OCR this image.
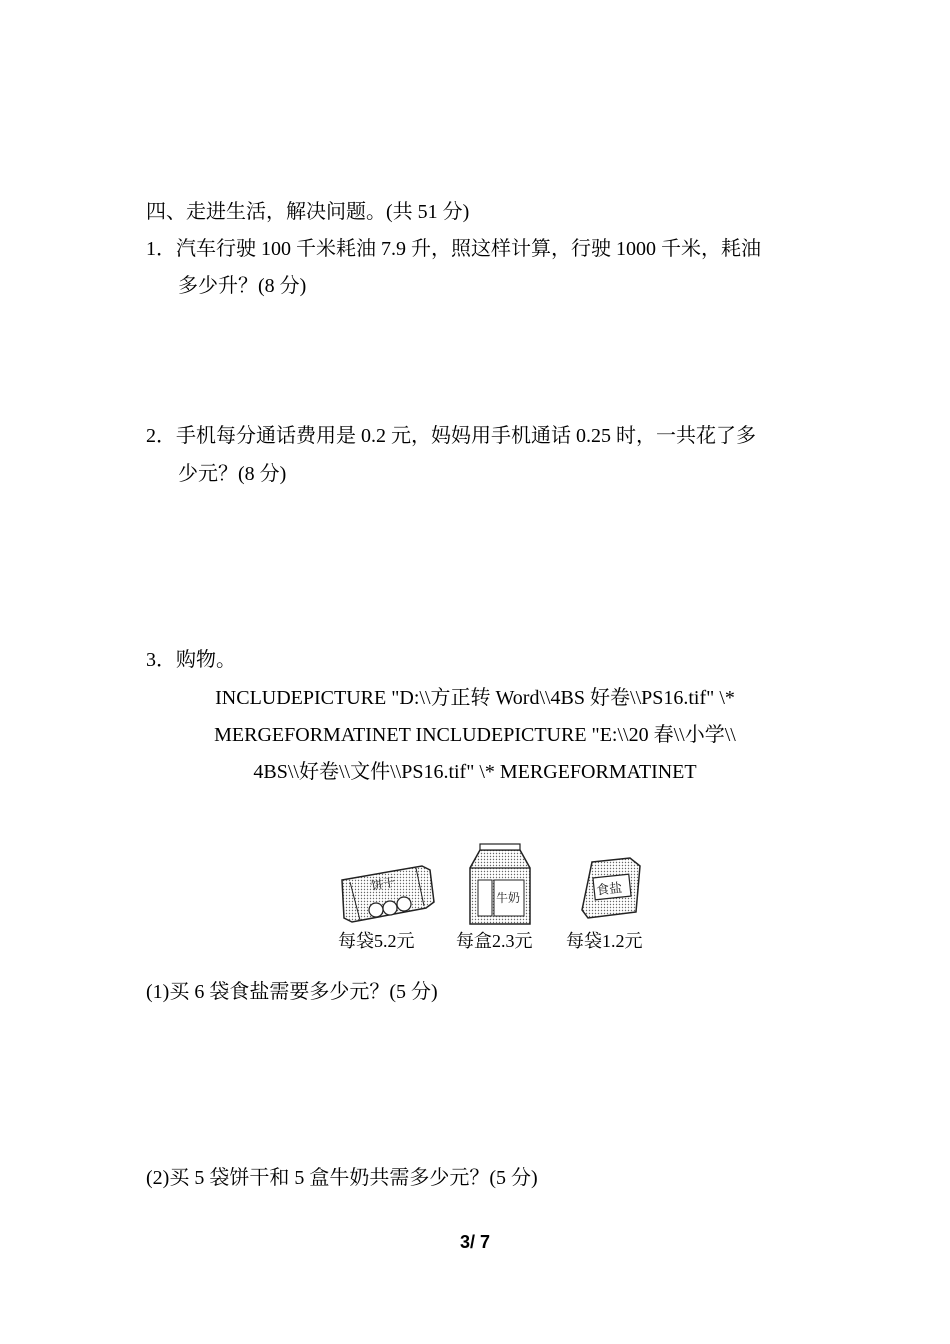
四、走进生活，解决问题。(共 51 分)
1．汽车行驶 100 千米耗油 7.9 升，照这样计算，行驶 1000 千米，耗油
多少升？(8 分)
2．手机每分通话费用是 0.2 元，妈妈用手机通话 0.25 时，一共花了多
少元？(8 分)
3．购物。
INCLUDEPICTURE "D:\\方正转 Word\\4BS 好卷\\PS16.tif" \*
MERGEFORMATINET INCLUDEPICTURE "E:\\20 春\\小学\\
4BS\\好卷\\文件\\PS16.tif" \* MERGEFORMATINET
饼干
牛奶	食盐
每袋5.2元 每盒2.3元 每袋1.2元
(1)买 6 袋食盐需要多少元？(5 分)
(2)买 5 袋饼干和 5 盒牛奶共需多少元？(5 分)
3/ 7
